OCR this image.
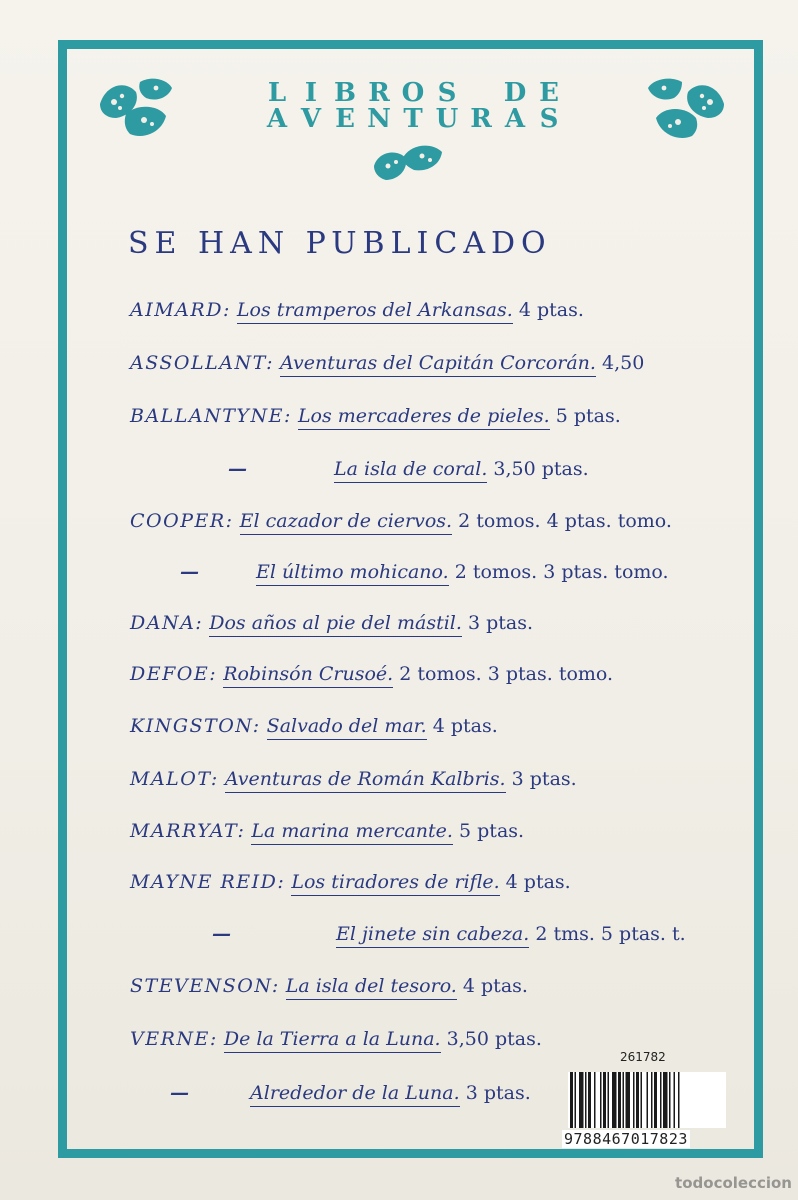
L I B R O S D E
A V E N T U R A S
SE HAN PUBLICADO
AIMARD: Los tramperos del Arkansas. 4 ptas.
ASSOLLANT: Aventuras del Capitán Corcorán. 4,50
BALLANTYNE: Los mercaderes de pieles. 5 ptas.
—	La isla de coral. 3,50 ptas.
COOPER: El cazador de ciervos. 2 tomos. 4 ptas. tomo.
—	El último mohicano. 2 tomos. 3 ptas. tomo.
DANA: Dos años al pie del mástil. 3 ptas.
DEFOE: Robinsón Crusoé. 2 tomos. 3 ptas. tomo.
KINGSTON: Salvado del mar. 4 ptas.
MALOT: Aventuras de Román Kalbris. 3 ptas.
MARRYAT: La marina mercante. 5 ptas.
MAYNE REID: Los tiradores de rifle. 4 ptas.
—	El jinete sin cabeza. 2 tms. 5 ptas. t.
STEVENSON: La isla del tesoro. 4 ptas.
VERNE: De la Tierra a la Luna. 3,50 ptas.
—	Alrededor de la Luna. 3 ptas.
261782
9788467017823
todocoleccion
